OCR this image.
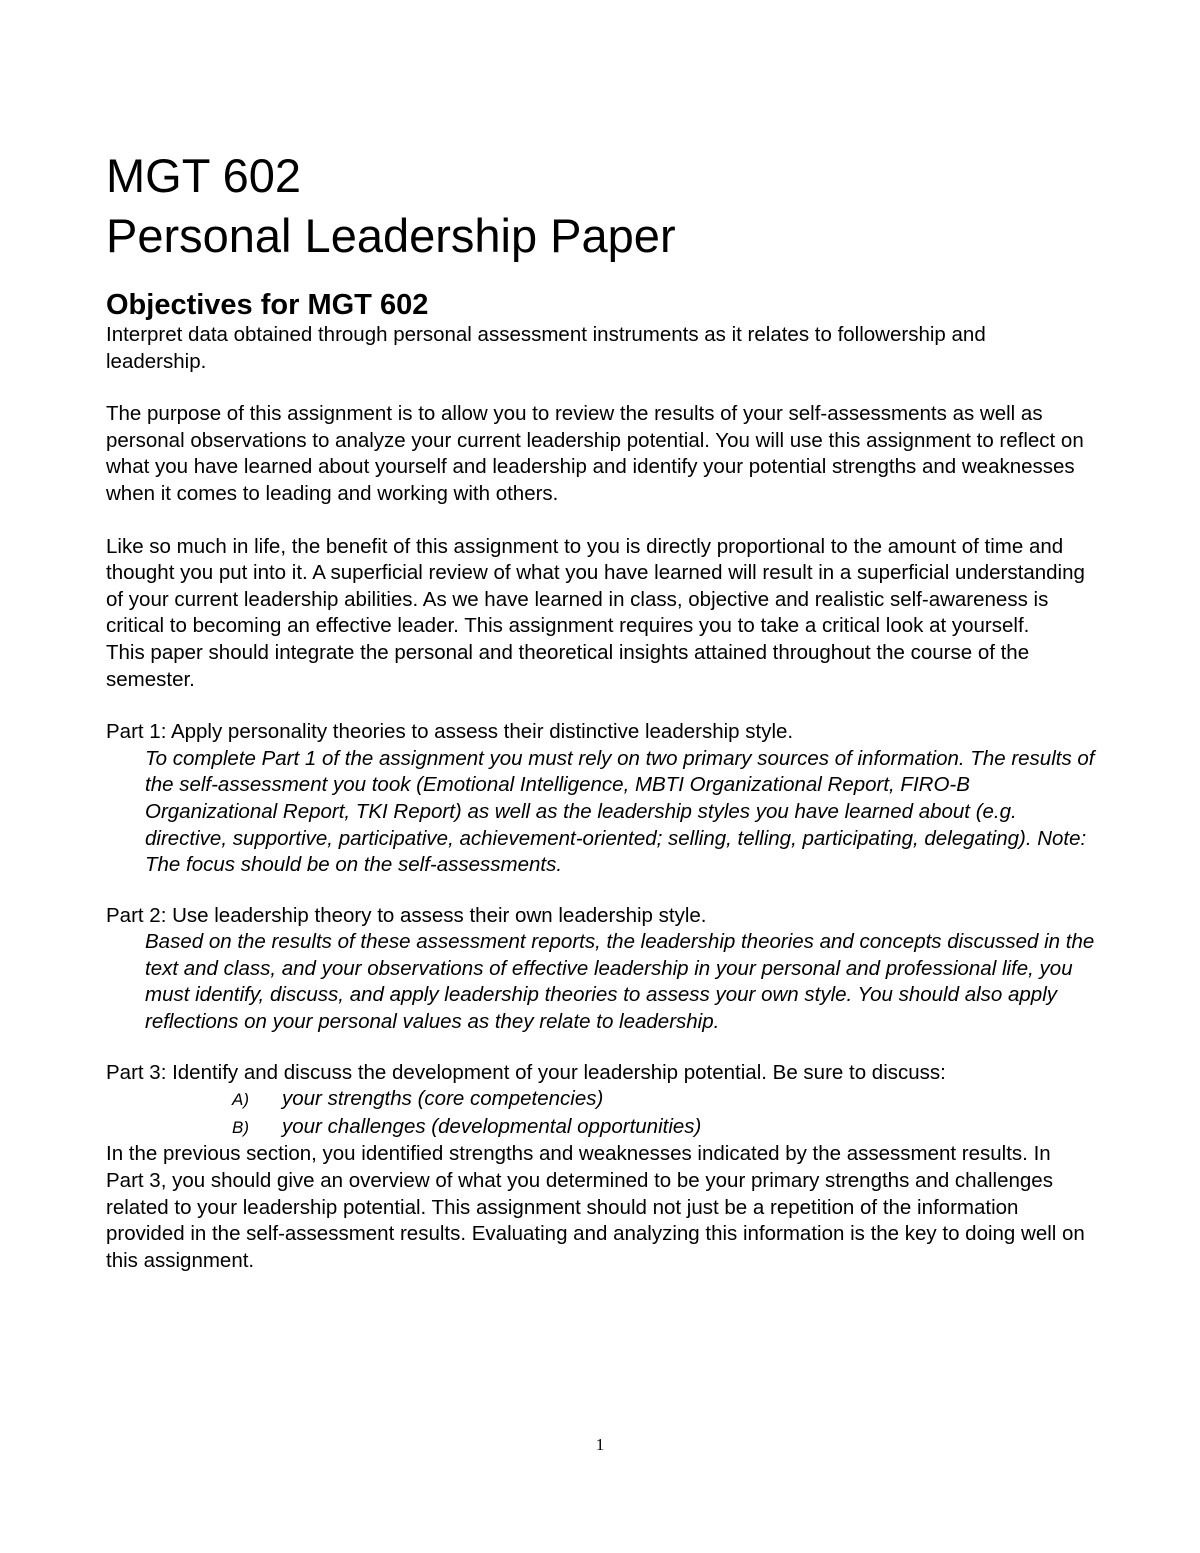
MGT 602
Personal Leadership Paper
Objectives for MGT 602

Interpret data obtained through personal assessment instruments as it relates to followership and leadership.

The purpose of this assignment is to allow you to review the results of your self-assessments as well as personal observations to analyze your current leadership potential. You will use this assignment to reflect on what you have learned about yourself and leadership and identify your potential strengths and weaknesses when it comes to leading and working with others.

Like so much in life, the benefit of this assignment to you is directly proportional to the amount of time and thought you put into it. A superficial review of what you have learned will result in a superficial understanding of your current leadership abilities. As we have learned in class, objective and realistic self-awareness is critical to becoming an effective leader. This assignment requires you to take a critical look at yourself.

This paper should integrate the personal and theoretical insights attained throughout the course of the semester.

Part 1: Apply personality theories to assess their distinctive leadership style.

To complete Part 1 of the assignment you must rely on two primary sources of information. The results of the self-assessment you took (Emotional Intelligence, MBTI Organizational Report, FIRO-B Organizational Report, TKI Report) as well as the leadership styles you have learned about (e.g. directive, supportive, participative, achievement-oriented; selling, telling, participating, delegating). Note: The focus should be on the self-assessments.

Part 2: Use leadership theory to assess their own leadership style.

Based on the results of these assessment reports, the leadership theories and concepts discussed in the text and class, and your observations of effective leadership in your personal and professional life, you must identify, discuss, and apply leadership theories to assess your own style. You should also apply reflections on your personal values as they relate to leadership.

Part 3: Identify and discuss the development of your leadership potential. Be sure to discuss:

A) your strengths (core competencies)
B) your challenges (developmental opportunities)

In the previous section, you identified strengths and weaknesses indicated by the assessment results. In Part 3, you should give an overview of what you determined to be your primary strengths and challenges related to your leadership potential. This assignment should not just be a repetition of the information provided in the self-assessment results. Evaluating and analyzing this information is the key to doing well on this assignment.

1
